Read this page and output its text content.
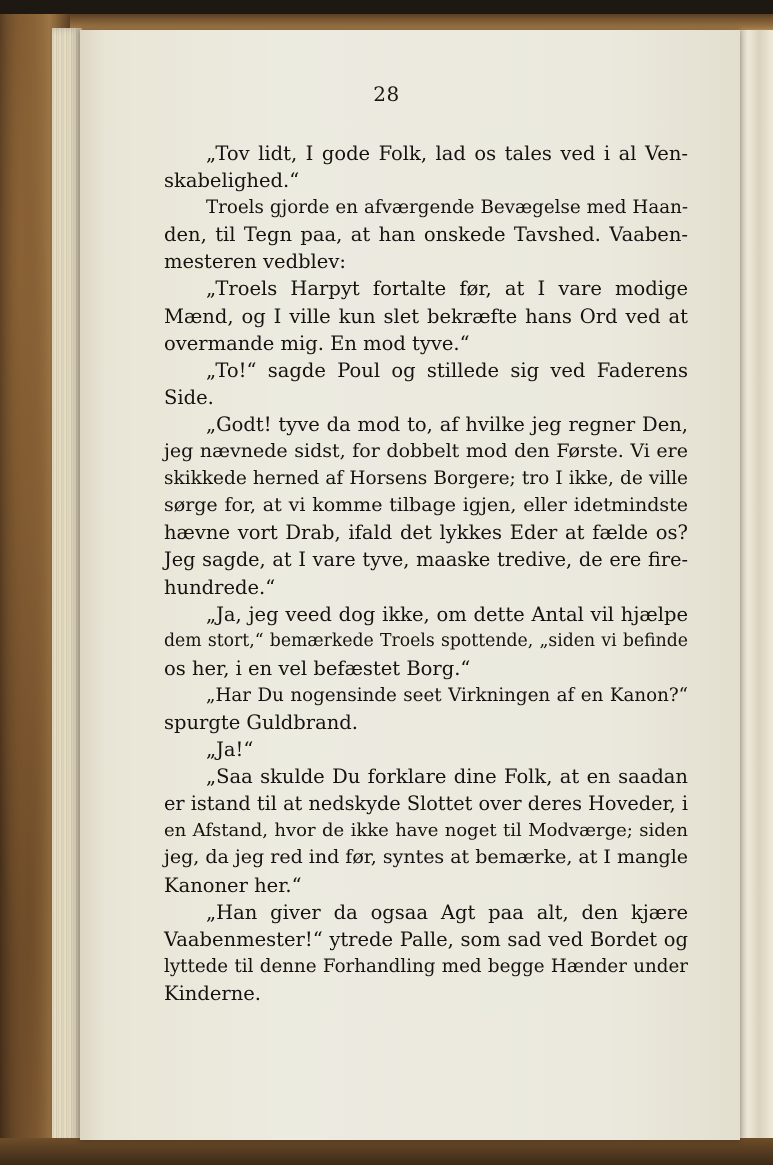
28
„Tov lidt, I gode Folk, lad os tales ved i al Ven-
skabelighed.“
Troels gjorde en afværgende Bevægelse med Haan-
den, til Tegn paa, at han onskede Tavshed. Vaaben-
mesteren vedblev:
„Troels Harpyt fortalte før, at I vare modige
Mænd, og I ville kun slet bekræfte hans Ord ved at
overmande mig. En mod tyve.“
„To!“ sagde Poul og stillede sig ved Faderens
Side.
„Godt! tyve da mod to, af hvilke jeg regner Den,
jeg nævnede sidst, for dobbelt mod den Første. Vi ere
skikkede herned af Horsens Borgere; tro I ikke, de ville
sørge for, at vi komme tilbage igjen, eller idetmindste
hævne vort Drab, ifald det lykkes Eder at fælde os?
Jeg sagde, at I vare tyve, maaske tredive, de ere fire-
hundrede.“
„Ja, jeg veed dog ikke, om dette Antal vil hjælpe
dem stort,“ bemærkede Troels spottende, „siden vi befinde
os her, i en vel befæstet Borg.“
„Har Du nogensinde seet Virkningen af en Kanon?“
spurgte Guldbrand.
„Ja!“
„Saa skulde Du forklare dine Folk, at en saadan
er istand til at nedskyde Slottet over deres Hoveder, i
en Afstand, hvor de ikke have noget til Modværge; siden
jeg, da jeg red ind før, syntes at bemærke, at I mangle
Kanoner her.“
„Han giver da ogsaa Agt paa alt, den kjære
Vaabenmester!“ ytrede Palle, som sad ved Bordet og
lyttede til denne Forhandling med begge Hænder under
Kinderne.
